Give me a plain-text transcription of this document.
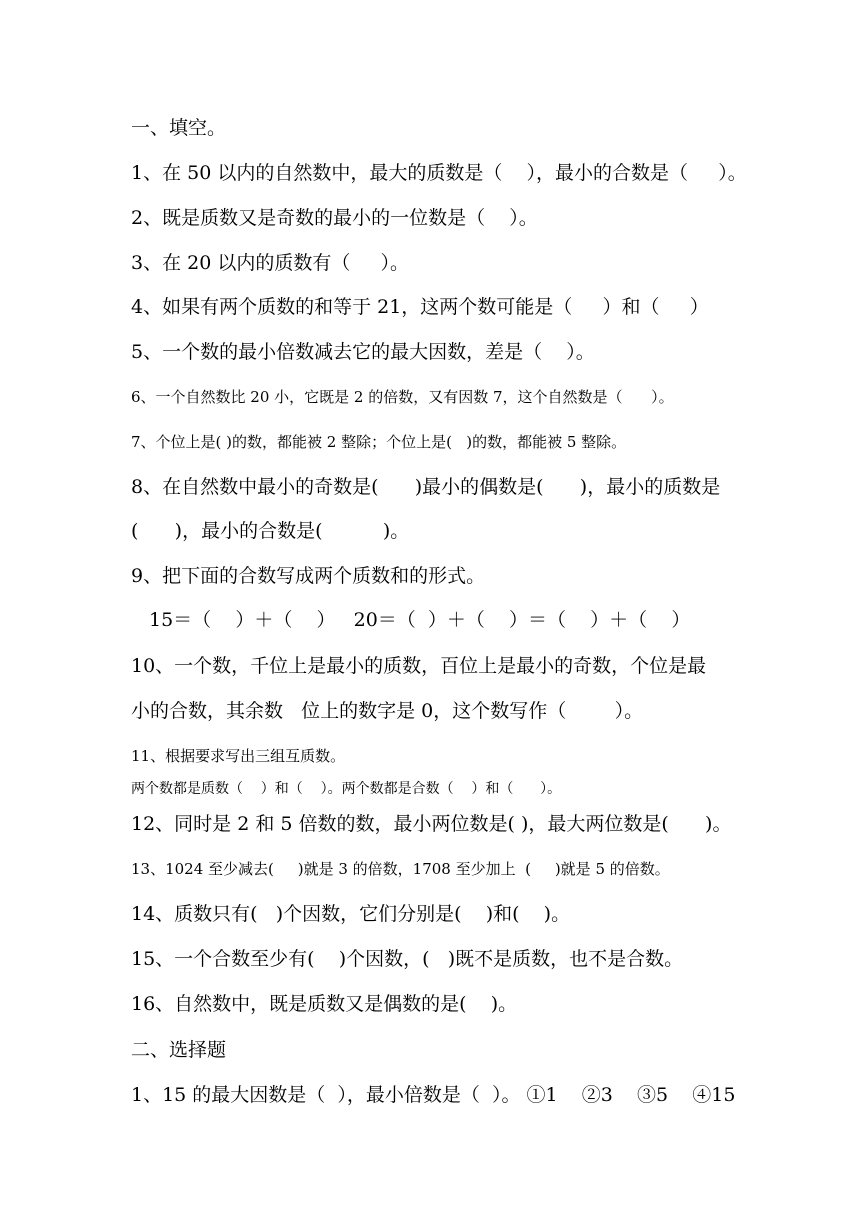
一、填空。
1、在 50 以内的自然数中，最大的质数是（    ），最小的合数是（     ）。
2、既是质数又是奇数的最小的一位数是（    ）。
3、在 20 以内的质数有（     ）。
4、如果有两个质数的和等于 21，这两个数可能是（     ）和（     ）
5、一个数的最小倍数减去它的最大因数，差是（    ）。
6、一个自然数比 20 小，它既是 2 的倍数，又有因数 7，这个自然数是（      ）。
7、个位上是( )的数，都能被 2 整除；个位上是(   )的数，都能被 5 整除。
8、在自然数中最小的奇数是(      )最小的偶数是(      )，最小的质数是
(      )，最小的合数是(          )。
9、把下面的合数写成两个质数和的形式。
15＝（    ）＋（    ）   20＝（  ）＋（    ）＝（    ）＋（    ）
10、一个数，千位上是最小的质数，百位上是最小的奇数，个位是最
小的合数，其余数   位上的数字是 0，这个数写作（        ）。
11、根据要求写出三组互质数。
两个数都是质数（    ）和（    ）。两个数都是合数（    ）和（      ）。
12、同时是 2 和 5 倍数的数，最小两位数是( )，最大两位数是(      )。
13、1024 至少减去(     )就是 3 的倍数，1708 至少加上  (     )就是 5 的倍数。
14、质数只有(   )个因数，它们分别是(    )和(    )。
15、一个合数至少有(    )个因数，(   )既不是质数，也不是合数。
16、自然数中，既是质数又是偶数的是(    )。
二、选择题
1、15 的最大因数是（  ），最小倍数是（  ）。 ①1    ②3    ③5    ④15
